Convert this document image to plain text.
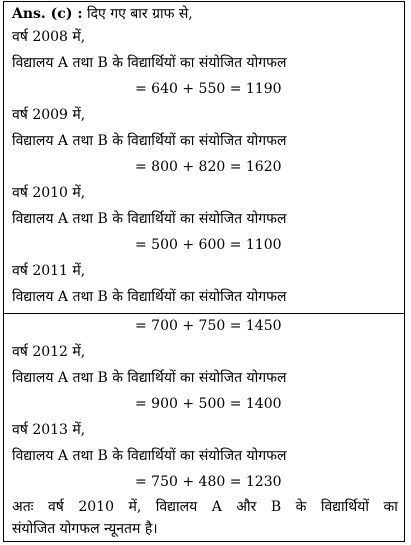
Ans. (c) : दिए गए बार ग्राफ से,
वर्ष 2008 में,
विद्यालय A तथा B के विद्यार्थियों का संयोजित योगफल
= 640 + 550 = 1190
वर्ष 2009 में,
विद्यालय A तथा B के विद्यार्थियों का संयोजित योगफल
= 800 + 820 = 1620
वर्ष 2010 में,
विद्यालय A तथा B के विद्यार्थियों का संयोजित योगफल
= 500 + 600 = 1100
वर्ष 2011 में,
विद्यालय A तथा B के विद्यार्थियों का संयोजित योगफल
= 700 + 750 = 1450
वर्ष 2012 में,
विद्यालय A तथा B के विद्यार्थियों का संयोजित योगफल
= 900 + 500 = 1400
वर्ष 2013 में,
विद्यालय A तथा B के विद्यार्थियों का संयोजित योगफल
= 750 + 480 = 1230
अतः वर्ष 2010 में, विद्यालय A और B के विद्यार्थियों का
संयोजित योगफल न्यूनतम है।
